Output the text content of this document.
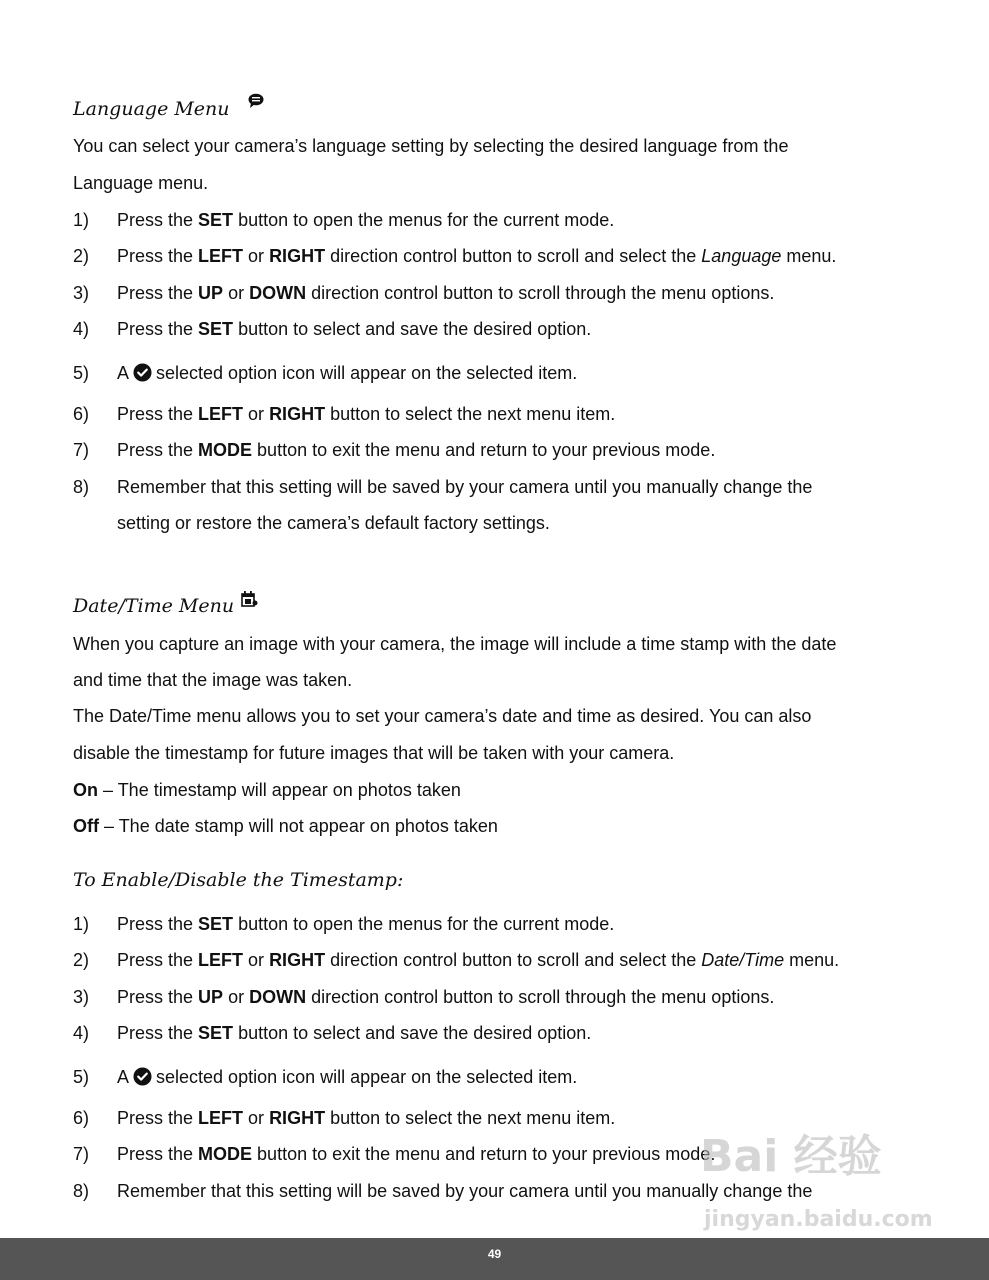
Language Menu
You can select your camera’s language setting by selecting the desired language from the
Language menu.
1) Press the SET button to open the menus for the current mode.
2) Press the LEFT or RIGHT direction control button to scroll and select the Language menu.
3) Press the UP or DOWN direction control button to scroll through the menu options.
4) Press the SET button to select and save the desired option.
5) A selected option icon will appear on the selected item.
6) Press the LEFT or RIGHT button to select the next menu item.
7) Press the MODE button to exit the menu and return to your previous mode.
8) Remember that this setting will be saved by your camera until you manually change the
setting or restore the camera’s default factory settings.
Date/Time Menu
When you capture an image with your camera, the image will include a time stamp with the date
and time that the image was taken.
The Date/Time menu allows you to set your camera’s date and time as desired. You can also
disable the timestamp for future images that will be taken with your camera.
On – The timestamp will appear on photos taken
Off – The date stamp will not appear on photos taken
To Enable/Disable the Timestamp:
1) Press the SET button to open the menus for the current mode.
2) Press the LEFT or RIGHT direction control button to scroll and select the Date/Time menu.
3) Press the UP or DOWN direction control button to scroll through the menu options.
4) Press the SET button to select and save the desired option.
5) A selected option icon will appear on the selected item.
6) Press the LEFT or RIGHT button to select the next menu item.
7) Press the MODE button to exit the menu and return to your previous mode.
8) Remember that this setting will be saved by your camera until you manually change the
Bai 经验
jingyan.baidu.com
49
